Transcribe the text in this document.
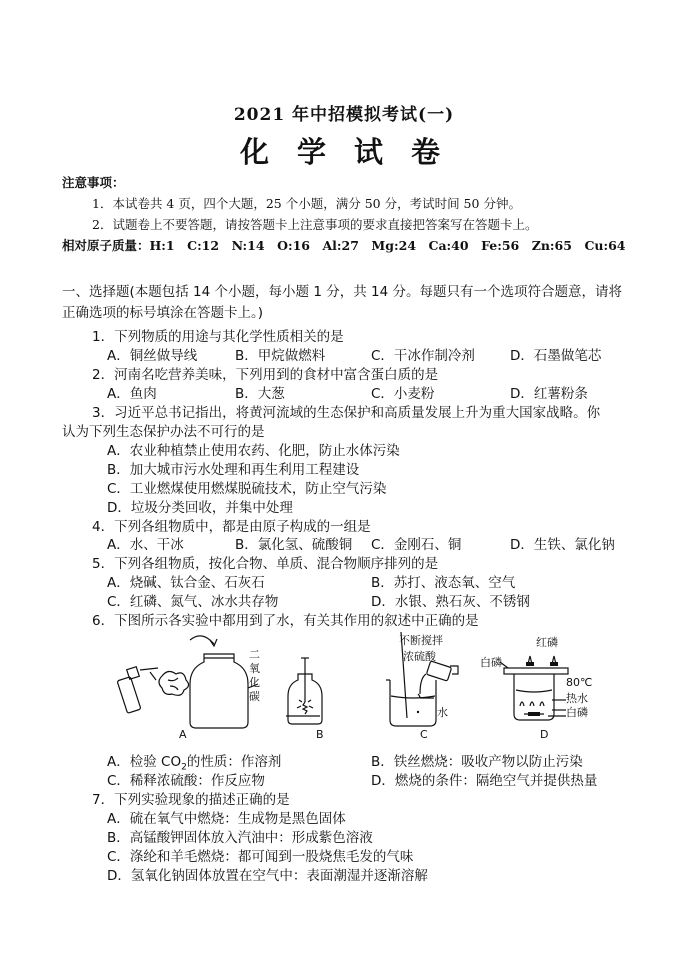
2021 年中招模拟考试(一)
化学试卷
注意事项：
1．本试卷共 4 页，四个大题，25 个小题，满分 50 分，考试时间 50 分钟。
2．试题卷上不要答题，请按答题卡上注意事项的要求直接把答案写在答题卡上。
相对原子质量：H:1　C:12　N:14　O:16　Al:27　Mg:24　Ca:40　Fe:56　Zn:65　Cu:64
一、选择题(本题包括 14 个小题，每小题 1 分，共 14 分。每题只有一个选项符合题意，请将
正确选项的标号填涂在答题卡上。)
1．下列物质的用途与其化学性质相关的是
A．铜丝做导线	B．甲烷做燃料	C．干冰作制冷剂	D．石墨做笔芯
2．河南名吃营养美味，下列用到的食材中富含蛋白质的是
A．鱼肉	B．大葱	C．小麦粉	D．红薯粉条
3．习近平总书记指出，将黄河流域的生态保护和高质量发展上升为重大国家战略。你
认为下列生态保护办法不可行的是
A．农业种植禁止使用农药、化肥，防止水体污染
B．加大城市污水处理和再生利用工程建设
C．工业燃煤使用燃煤脱硫技术，防止空气污染
D．垃圾分类回收，并集中处理
4．下列各组物质中，都是由原子构成的一组是
A．水、干冰	B．氯化氢、硫酸铜 C．金刚石、铜	D．生铁、氯化钠
5．下列各组物质，按化合物、单质、混合物顺序排列的是
A．烧碱、钛合金、石灰石	B．苏打、液态氧、空气
C．红磷、氮气、冰水共存物	D．水银、熟石灰、不锈钢
6．下图所示各实验中都用到了水，有关其作用的叙述中正确的是
二
氧
化
碳
不断搅拌
浓硫酸
水
红磷
白磷
80℃
热水
白磷
A	B	C	D
A．检验 $CO_2$的性质：作溶剂	B．铁丝燃烧：吸收产物以防止污染
C．稀释浓硫酸：作反应物	D．燃烧的条件：隔绝空气并提供热量
7．下列实验现象的描述正确的是
A．硫在氧气中燃烧：生成物是黑色固体
B．高锰酸钾固体放入汽油中：形成紫色溶液
C．涤纶和羊毛燃烧：都可闻到一股烧焦毛发的气味
D．氢氧化钠固体放置在空气中：表面潮湿并逐渐溶解
